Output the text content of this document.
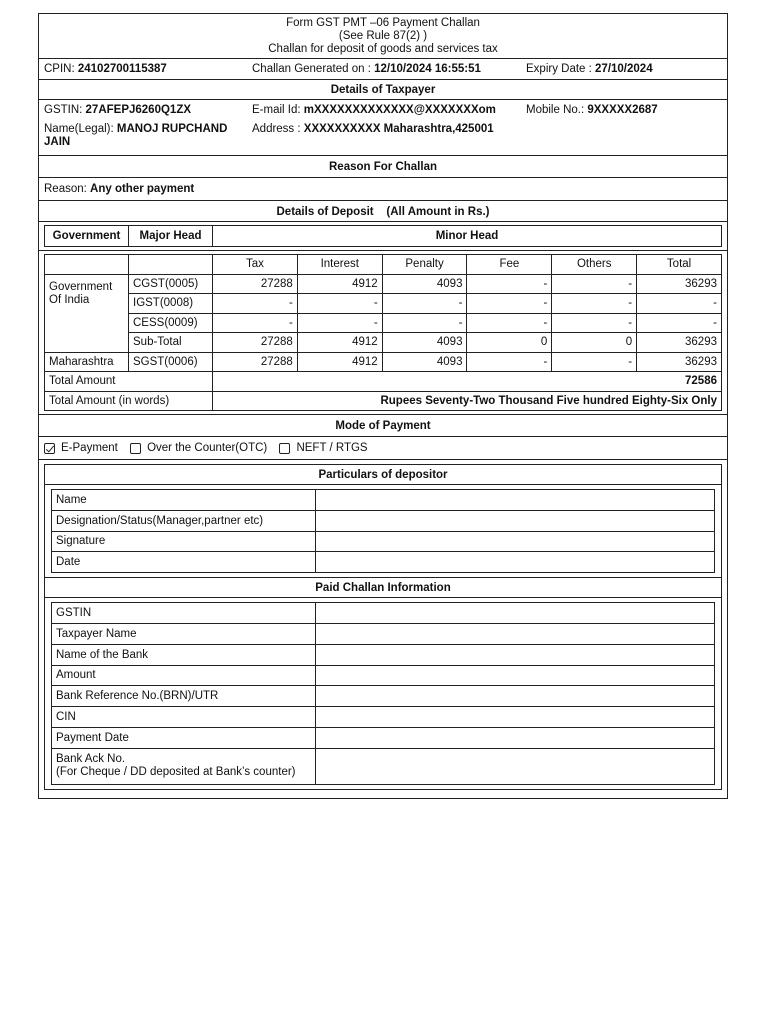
Form GST PMT –06 Payment Challan
(See Rule 87(2) )
Challan for deposit of goods and services tax
CPIN: 24102700115387	Challan Generated on : 12/10/2024 16:55:51	Expiry Date : 27/10/2024
Details of Taxpayer
GSTIN: 27AFEPJ6260Q1ZX	E-mail Id: mXXXXXXXXXXXXX@XXXXXXXom	Mobile No.: 9XXXXX2687
Name(Legal): MANOJ RUPCHAND JAIN
Address : XXXXXXXXXX Maharashtra,425001
Reason For Challan
Reason: Any other payment
Details of Deposit (All Amount in Rs.)
Government	Major Head	Minor Head
		Tax	Interest	Penalty	Fee	Others	Total
Government Of India	CGST(0005)	27288	4912	4093	-	-	36293
	IGST(0008)	-	-	-	-	-	-
	CESS(0009)	-	-	-	-	-	-
	Sub-Total	27288	4912	4093	0	0	36293
Maharashtra	SGST(0006)	27288	4912	4093	-	-	36293
Total Amount		72586					
Total Amount (in words)		Rupees Seventy-Two Thousand Five hundred Eighty-Six Only					
Mode of Payment
E-Payment	Over the Counter(OTC)	NEFT / RTGS
Particulars of depositor
Name	
Designation/Status(Manager,partner etc)	
Signature	
Date	
Paid Challan Information
GSTIN	
Taxpayer Name	
Name of the Bank	
Amount	
Bank Reference No.(BRN)/UTR	
CIN	
Payment Date	

Bank Ack No.
(For Cheque / DD deposited at Bank’s counter)	
